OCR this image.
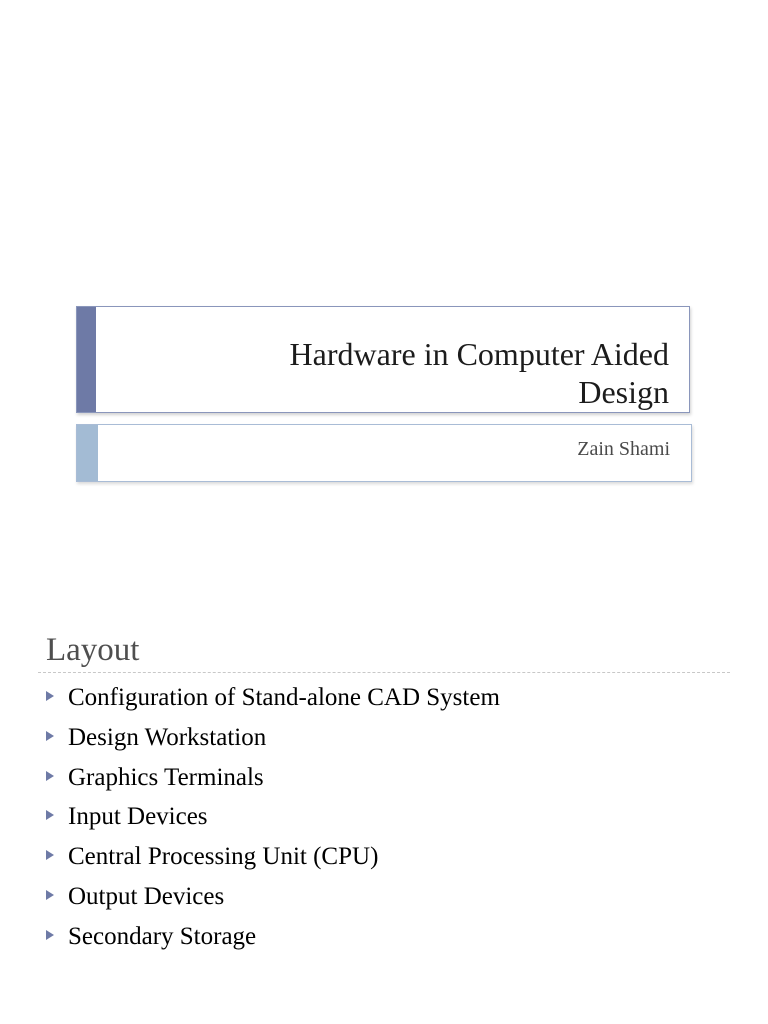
Hardware in Computer Aided
Design
Zain Shami
Layout
Configuration of Stand-alone CAD System
Design Workstation
Graphics Terminals
Input Devices
Central Processing Unit (CPU)
Output Devices
Secondary Storage
